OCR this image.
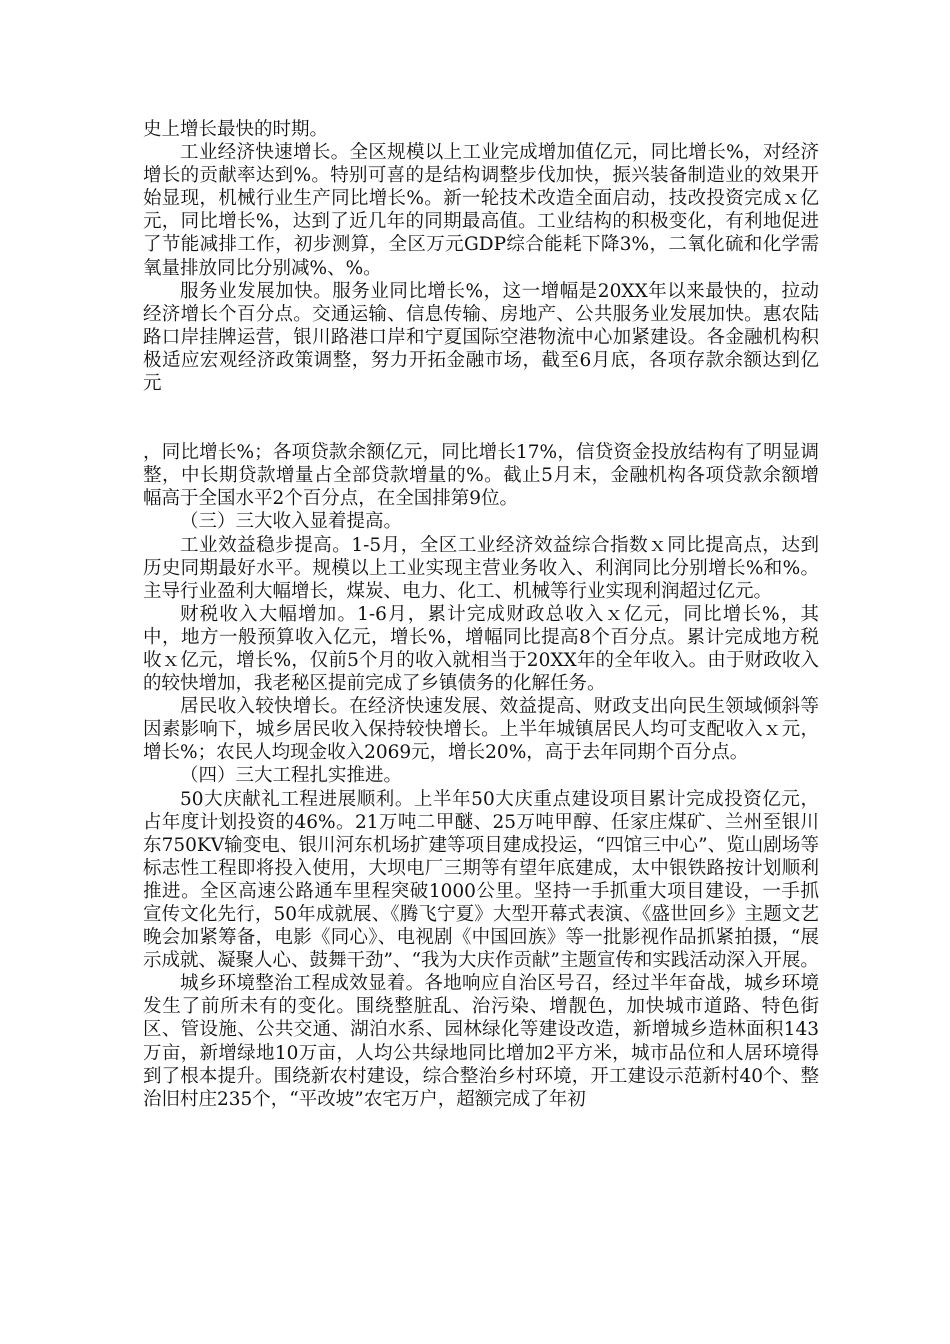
史上增长最快的时期。

工业经济快速增长。全区规模以上工业完成增加值亿元，同比增长%，对经济增长的贡献率达到%。特别可喜的是结构调整步伐加快，振兴装备制造业的效果开始显现，机械行业生产同比增长%。新一轮技术改造全面启动，技改投资完成ｘ亿元，同比增长%，达到了近几年的同期最高值。工业结构的积极变化，有利地促进了节能减排工作，初步测算，全区万元GDP综合能耗下降3%，二氧化硫和化学需氧量排放同比分别减%、%。

服务业发展加快。服务业同比增长%，这一增幅是20XX年以来最快的，拉动经济增长个百分点。交通运输、信息传输、房地产、公共服务业发展加快。惠农陆路口岸挂牌运营，银川路港口岸和宁夏国际空港物流中心加紧建设。各金融机构积极适应宏观经济政策调整，努力开拓金融市场，截至6月底，各项存款余额达到亿元

，同比增长%；各项贷款余额亿元，同比增长17%，信贷资金投放结构有了明显调整，中长期贷款增量占全部贷款增量的%。截止5月末，金融机构各项贷款余额增幅高于全国水平2个百分点，在全国排第9位。

（三）三大收入显着提高。

工业效益稳步提高。1-5月，全区工业经济效益综合指数ｘ同比提高点，达到历史同期最好水平。规模以上工业实现主营业务收入、利润同比分别增长%和%。主导行业盈利大幅增长，煤炭、电力、化工、机械等行业实现利润超过亿元。

财税收入大幅增加。1-6月，累计完成财政总收入ｘ亿元，同比增长%，其中，地方一般预算收入亿元，增长%，增幅同比提高8个百分点。累计完成地方税收ｘ亿元，增长%，仅前5个月的收入就相当于20XX年的全年收入。由于财政收入的较快增加，我老秘区提前完成了乡镇债务的化解任务。

居民收入较快增长。在经济快速发展、效益提高、财政支出向民生领域倾斜等因素影响下，城乡居民收入保持较快增长。上半年城镇居民人均可支配收入ｘ元，增长%；农民人均现金收入2069元，增长20%，高于去年同期个百分点。

（四）三大工程扎实推进。

50大庆献礼工程进展顺利。上半年50大庆重点建设项目累计完成投资亿元，占年度计划投资的46%。21万吨二甲醚、25万吨甲醇、任家庄煤矿、兰州至银川东750KV输变电、银川河东机场扩建等项目建成投运，“四馆三中心”、览山剧场等标志性工程即将投入使用，大坝电厂三期等有望年底建成，太中银铁路按计划顺利推进。全区高速公路通车里程突破1000公里。坚持一手抓重大项目建设，一手抓宣传文化先行，50年成就展、《腾飞宁夏》大型开幕式表演、《盛世回乡》主题文艺晚会加紧筹备，电影《同心》、电视剧《中国回族》等一批影视作品抓紧拍摄，“展示成就、凝聚人心、鼓舞干劲”、“我为大庆作贡献”主题宣传和实践活动深入开展。

城乡环境整治工程成效显着。各地响应自治区号召，经过半年奋战，城乡环境发生了前所未有的变化。围绕整脏乱、治污染、增靓色，加快城市道路、特色街区、管设施、公共交通、湖泊水系、园林绿化等建设改造，新增城乡造林面积143万亩，新增绿地10万亩，人均公共绿地同比增加2平方米，城市品位和人居环境得到了根本提升。围绕新农村建设，综合整治乡村环境，开工建设示范新村40个、整治旧村庄235个，“平改坡”农宅万户，超额完成了年初
